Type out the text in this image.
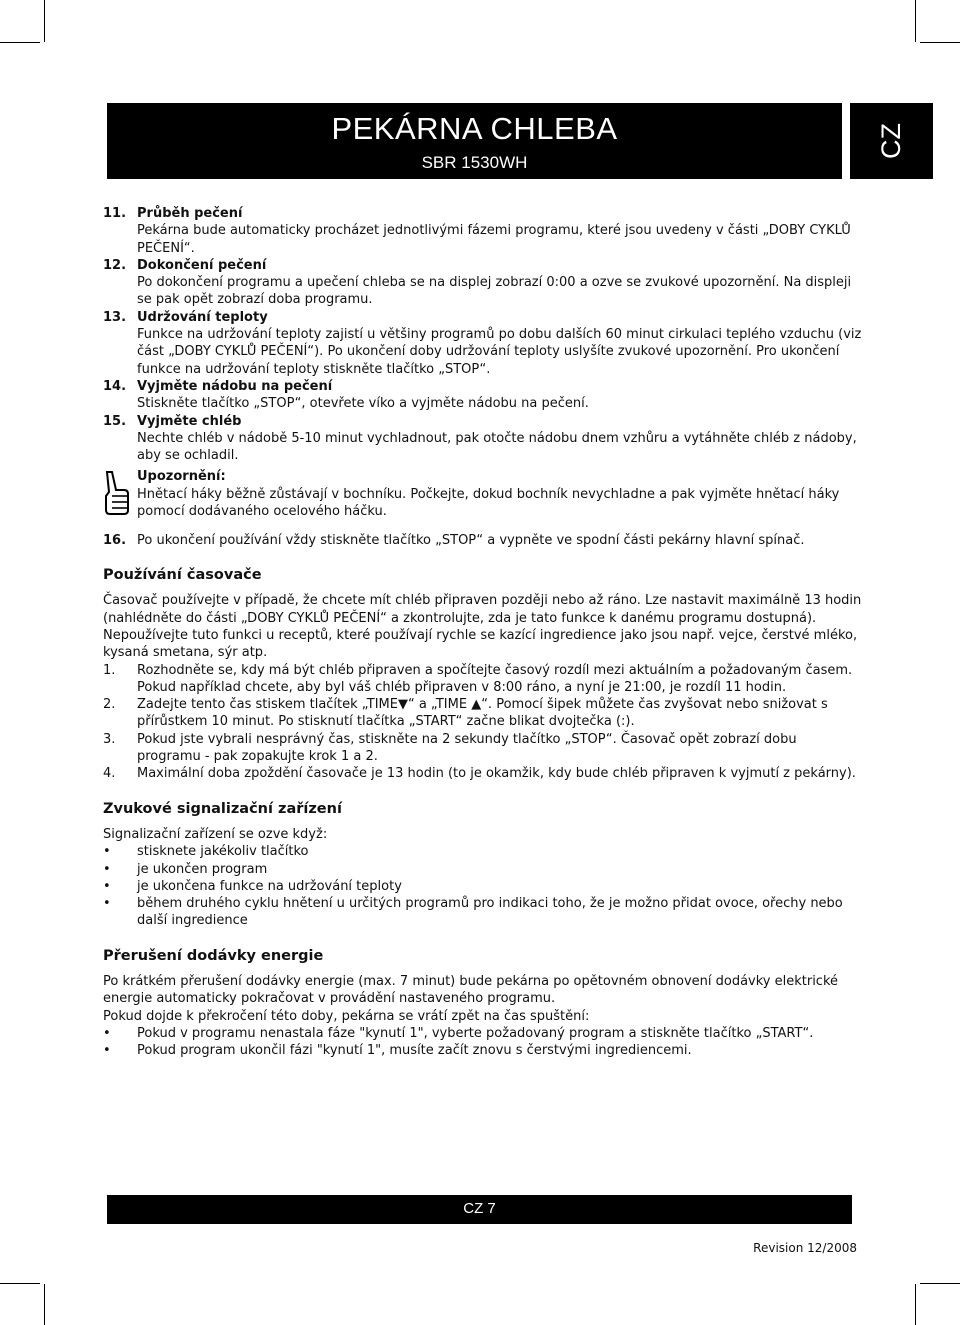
PEKÁRNA CHLEBA
SBR 1530WH
CZ
11. Průběh pečení
Pekárna bude automaticky procházet jednotlivými fázemi programu, které jsou uvedeny v části „DOBY CYKLŮ PEČENÍ“.
12. Dokončení pečení
Po dokončení programu a upečení chleba se na displej zobrazí 0:00 a ozve se zvukové upozornění. Na displeji se pak opět zobrazí doba programu.
13. Udržování teploty
Funkce na udržování teploty zajistí u většiny programů po dobu dalších 60 minut cirkulaci teplého vzduchu (viz část „DOBY CYKLŮ PEČENÍ“). Po ukončení doby udržování teploty uslyšíte zvukové upozornění. Pro ukončení funkce na udržování teploty stiskněte tlačítko „STOP“.
14. Vyjměte nádobu na pečení
Stiskněte tlačítko „STOP“, otevřete víko a vyjměte nádobu na pečení.
15. Vyjměte chléb
Nechte chléb v nádobě 5-10 minut vychladnout, pak otočte nádobu dnem vzhůru a vytáhněte chléb z nádoby, aby se ochladil.
Upozornění:
Hnětací háky běžně zůstávají v bochníku. Počkejte, dokud bochník nevychladne a pak vyjměte hnětací háky pomocí dodávaného ocelového háčku.
16. Po ukončení používání vždy stiskněte tlačítko „STOP“ a vypněte ve spodní části pekárny hlavní spínač.
Používání časovače
Časovač používejte v případě, že chcete mít chléb připraven později nebo až ráno. Lze nastavit maximálně 13 hodin (nahlédněte do části „DOBY CYKLŮ PEČENÍ“ a zkontrolujte, zda je tato funkce k danému programu dostupná). Nepoužívejte tuto funkci u receptů, které používají rychle se kazící ingredience jako jsou např. vejce, čerstvé mléko, kysaná smetana, sýr atp.
1.	Rozhodněte se, kdy má být chléb připraven a spočítejte časový rozdíl mezi aktuálním a požadovaným časem. Pokud například chcete, aby byl váš chléb připraven v 8:00 ráno, a nyní je 21:00, je rozdíl 11 hodin.
2.	Zadejte tento čas stiskem tlačítek „TIME▼“ a „TIME ▲“. Pomocí šipek můžete čas zvyšovat nebo snižovat s přírůstkem 10 minut. Po stisknutí tlačítka „START“ začne blikat dvojtečka (:).
3.	Pokud jste vybrali nesprávný čas, stiskněte na 2 sekundy tlačítko „STOP“. Časovač opět zobrazí dobu programu - pak zopakujte krok 1 a 2.
4.	Maximální doba zpoždění časovače je 13 hodin (to je okamžik, kdy bude chléb připraven k vyjmutí z pekárny).
Zvukové signalizační zařízení
Signalizační zařízení se ozve když:
•	stisknete jakékoliv tlačítko
•	je ukončen program
•	je ukončena funkce na udržování teploty
•	během druhého cyklu hnětení u určitých programů pro indikaci toho, že je možno přidat ovoce, ořechy nebo další ingredience
Přerušení dodávky energie
Po krátkém přerušení dodávky energie (max. 7 minut) bude pekárna po opětovném obnovení dodávky elektrické energie automaticky pokračovat v provádění nastaveného programu.
Pokud dojde k překročení této doby, pekárna se vrátí zpět na čas spuštění:
•	Pokud v programu nenastala fáze "kynutí 1", vyberte požadovaný program a stiskněte tlačítko „START“.
•	Pokud program ukončil fázi "kynutí 1", musíte začít znovu s čerstvými ingrediencemi.
CZ 7
Revision 12/2008
